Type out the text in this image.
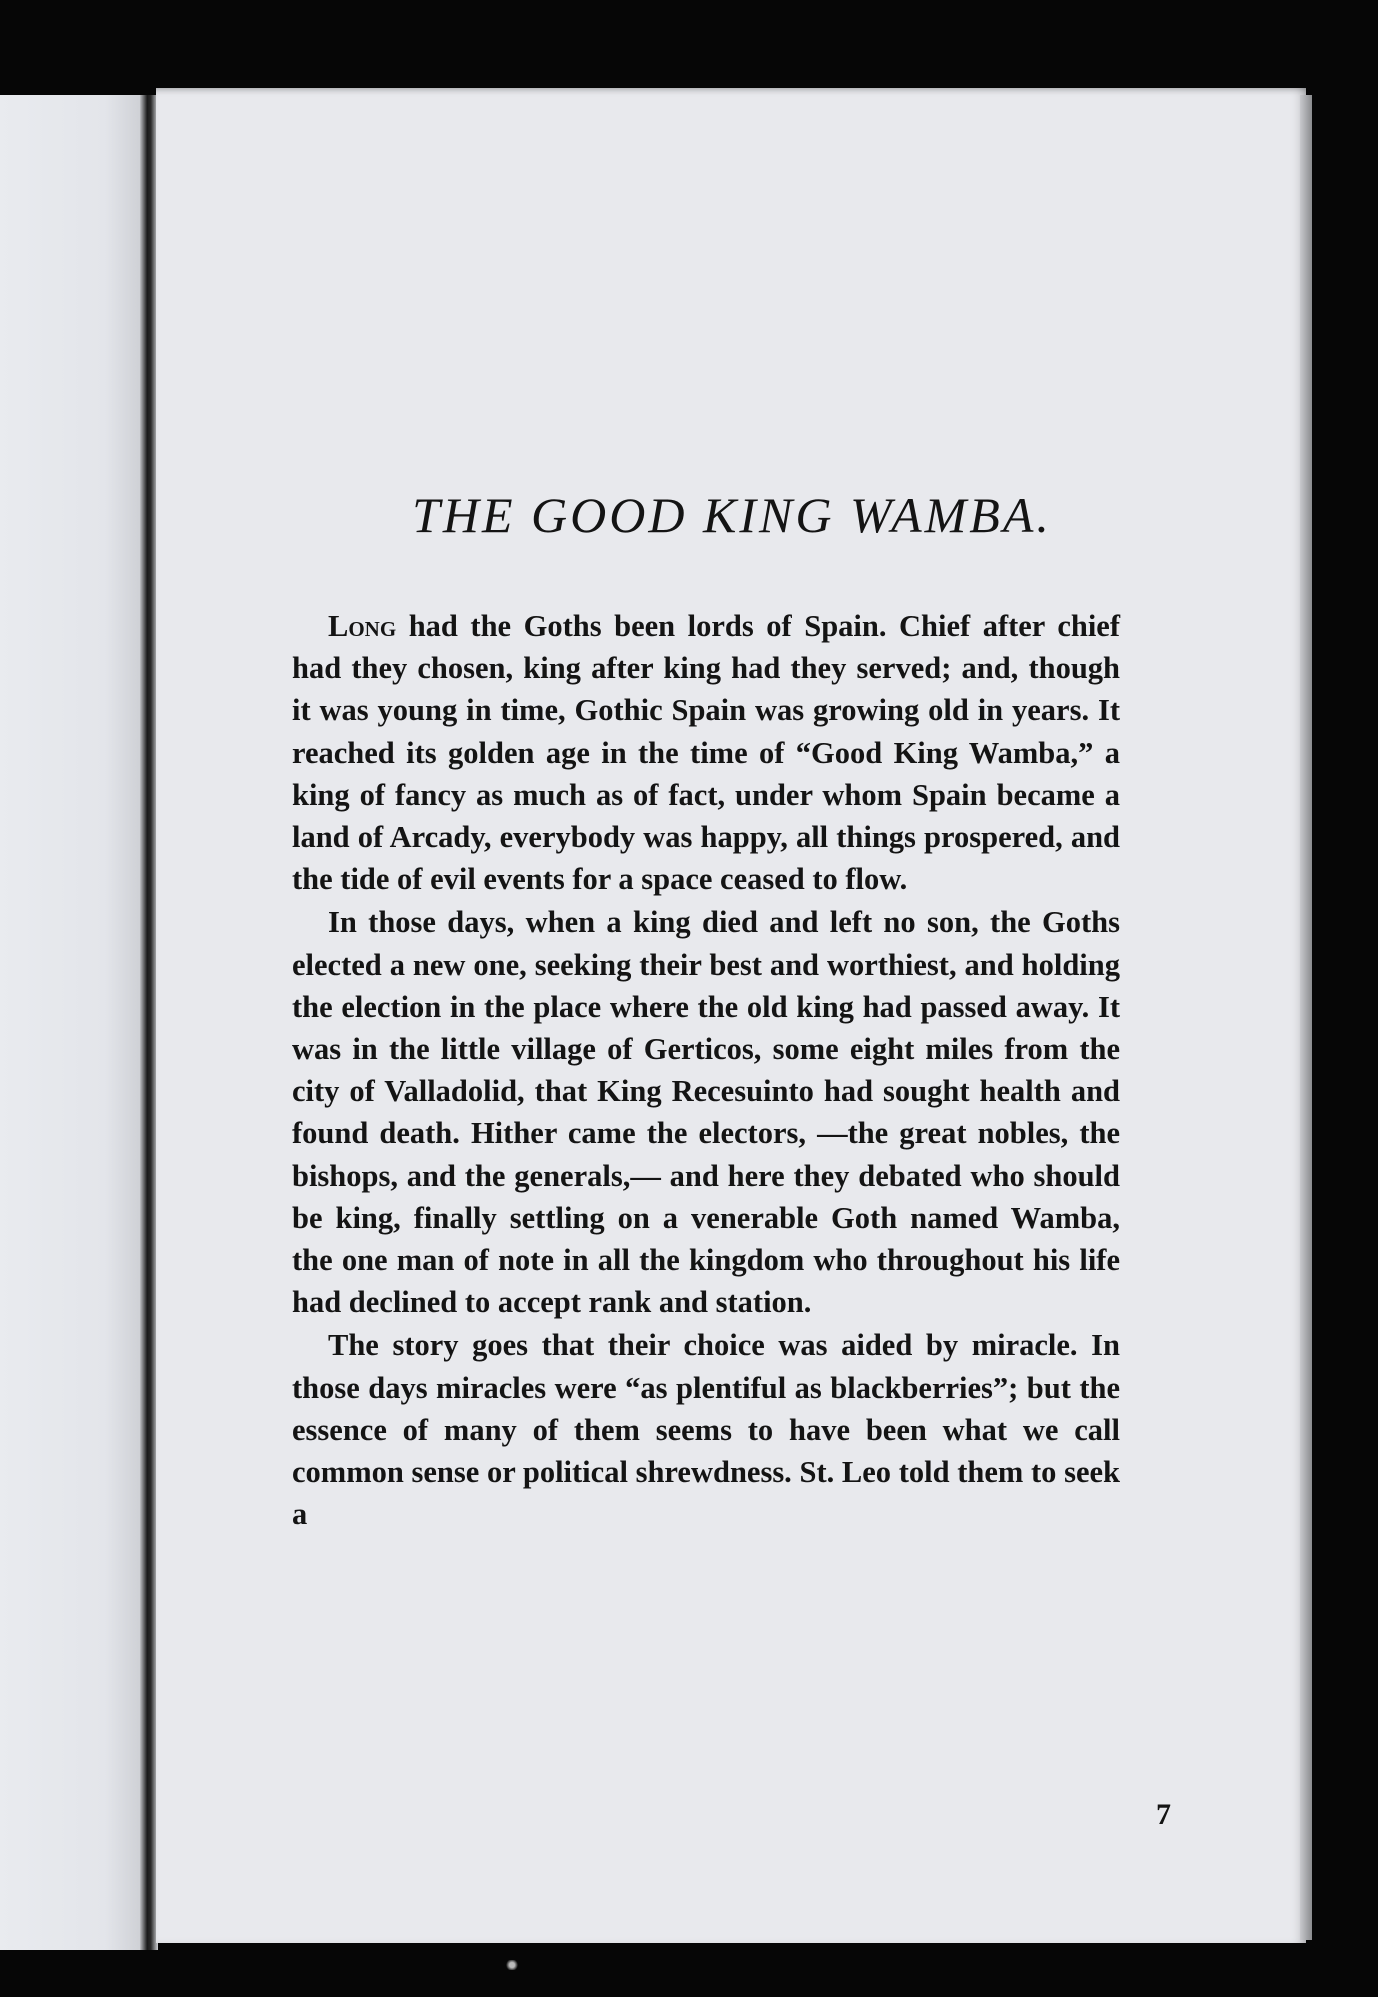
THE GOOD KING WAMBA.

Long had the Goths been lords of Spain. Chief after chief had they chosen, king after king had they served; and, though it was young in time, Gothic Spain was growing old in years. It reached its golden age in the time of “Good King Wamba,” a king of fancy as much as of fact, under whom Spain became a land of Arcady, everybody was happy, all things prospered, and the tide of evil events for a space ceased to flow.

In those days, when a king died and left no son, the Goths elected a new one, seeking their best and worthiest, and holding the election in the place where the old king had passed away. It was in the little village of Gerticos, some eight miles from the city of Valladolid, that King Recesuinto had sought health and found death. Hither came the electors, —the great nobles, the bishops, and the generals,— and here they debated who should be king, finally settling on a venerable Goth named Wamba, the one man of note in all the kingdom who throughout his life had declined to accept rank and station.

The story goes that their choice was aided by miracle. In those days miracles were “as plentiful as blackberries”; but the essence of many of them seems to have been what we call common sense or political shrewdness. St. Leo told them to seek a

7
